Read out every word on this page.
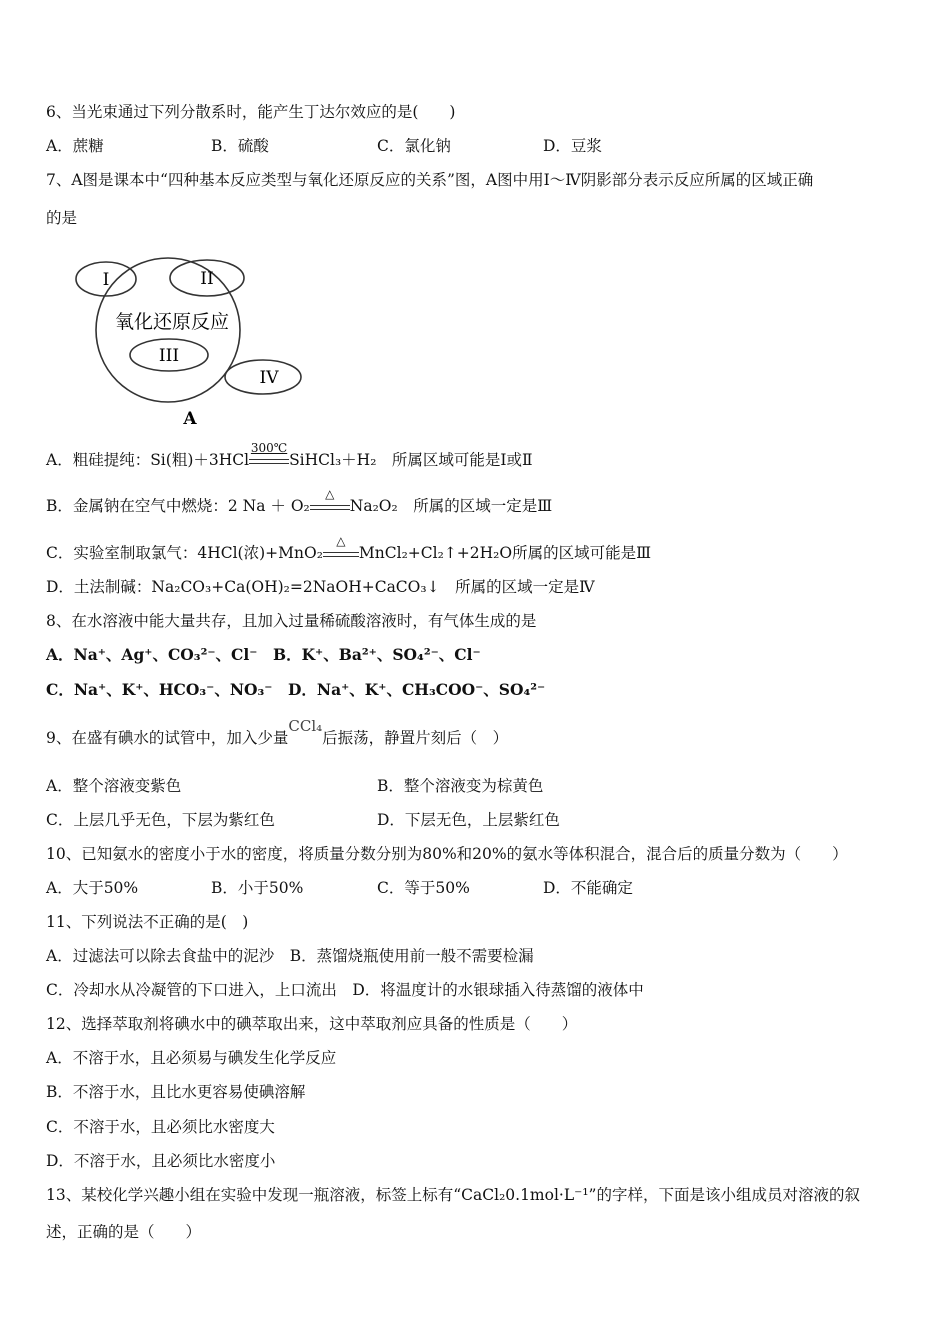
6、当光束通过下列分散系时，能产生丁达尔效应的是(　　)
A．蔗糖	B．硫酸	C．氯化钠	D．豆浆
7、A图是课本中“四种基本反应类型与氧化还原反应的关系”图，A图中用Ⅰ～Ⅳ阴影部分表示反应所属的区域正确
的是
I	II
氧化还原反应
III
IV
A
A．粗硅提纯：Si(粗)＋3HCl
300℃
SiHCl₃＋H₂　所属区域可能是Ⅰ或Ⅱ
B．金属钠在空气中燃烧：2 Na ＋ O₂
△
Na₂O₂　所属的区域一定是Ⅲ
C．实验室制取氯气：4HCl(浓)+MnO₂
△
MnCl₂+Cl₂↑+2H₂O所属的区域可能是Ⅲ
D．土法制碱：Na₂CO₃+Ca(OH)₂=2NaOH+CaCO₃↓　所属的区域一定是Ⅳ
8、在水溶液中能大量共存，且加入过量稀硫酸溶液时，有气体生成的是
A．Na⁺、Ag⁺、CO₃²⁻、Cl⁻　B．K⁺、Ba²⁺、SO₄²⁻、Cl⁻
C．Na⁺、K⁺、HCO₃⁻、NO₃⁻　D．Na⁺、K⁺、CH₃COO⁻、SO₄²⁻
9、在盛有碘水的试管中，加入少量CCl₄后振荡，静置片刻后（　）
A．整个溶液变紫色	B．整个溶液变为棕黄色
C．上层几乎无色，下层为紫红色	D．下层无色，上层紫红色
10、已知氨水的密度小于水的密度，将质量分数分别为80%和20%的氨水等体积混合，混合后的质量分数为（　　）
A．大于50%	B．小于50%	C．等于50%	D．不能确定
11、下列说法不正确的是(　)
A．过滤法可以除去食盐中的泥沙　B．蒸馏烧瓶使用前一般不需要检漏
C．冷却水从冷凝管的下口进入，上口流出　D．将温度计的水银球插入待蒸馏的液体中
12、选择萃取剂将碘水中的碘萃取出来，这中萃取剂应具备的性质是（　　）
A．不溶于水，且必须易与碘发生化学反应
B．不溶于水，且比水更容易使碘溶解
C．不溶于水，且必须比水密度大
D．不溶于水，且必须比水密度小
13、某校化学兴趣小组在实验中发现一瓶溶液，标签上标有“CaCl₂0.1mol·L⁻¹”的字样，下面是该小组成员对溶液的叙
述，正确的是（　　）
